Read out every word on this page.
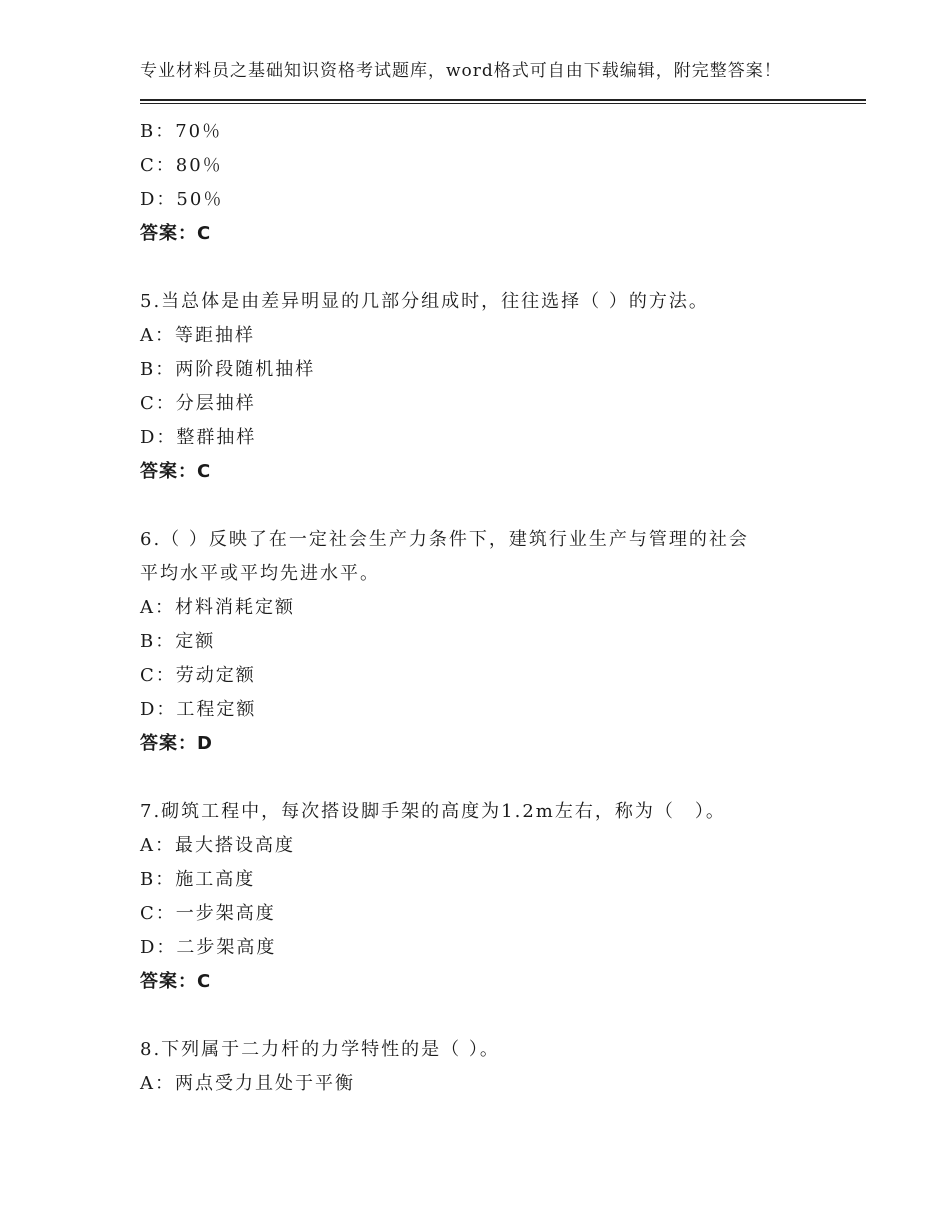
专业材料员之基础知识资格考试题库，word格式可自由下载编辑，附完整答案！
B：70％
C：80％
D：50％
答案：C
5.当总体是由差异明显的几部分组成时，往往选择（ ）的方法。
A：等距抽样
B：两阶段随机抽样
C：分层抽样
D：整群抽样
答案：C
6.（ ）反映了在一定社会生产力条件下，建筑行业生产与管理的社会
平均水平或平均先进水平。
A：材料消耗定额
B：定额
C：劳动定额
D：工程定额
答案：D
7.砌筑工程中，每次搭设脚手架的高度为1.2m左右，称为（　）。
A：最大搭设高度
B：施工高度
C：一步架高度
D：二步架高度
答案：C
8.下列属于二力杆的力学特性的是（ ）。
A：两点受力且处于平衡
